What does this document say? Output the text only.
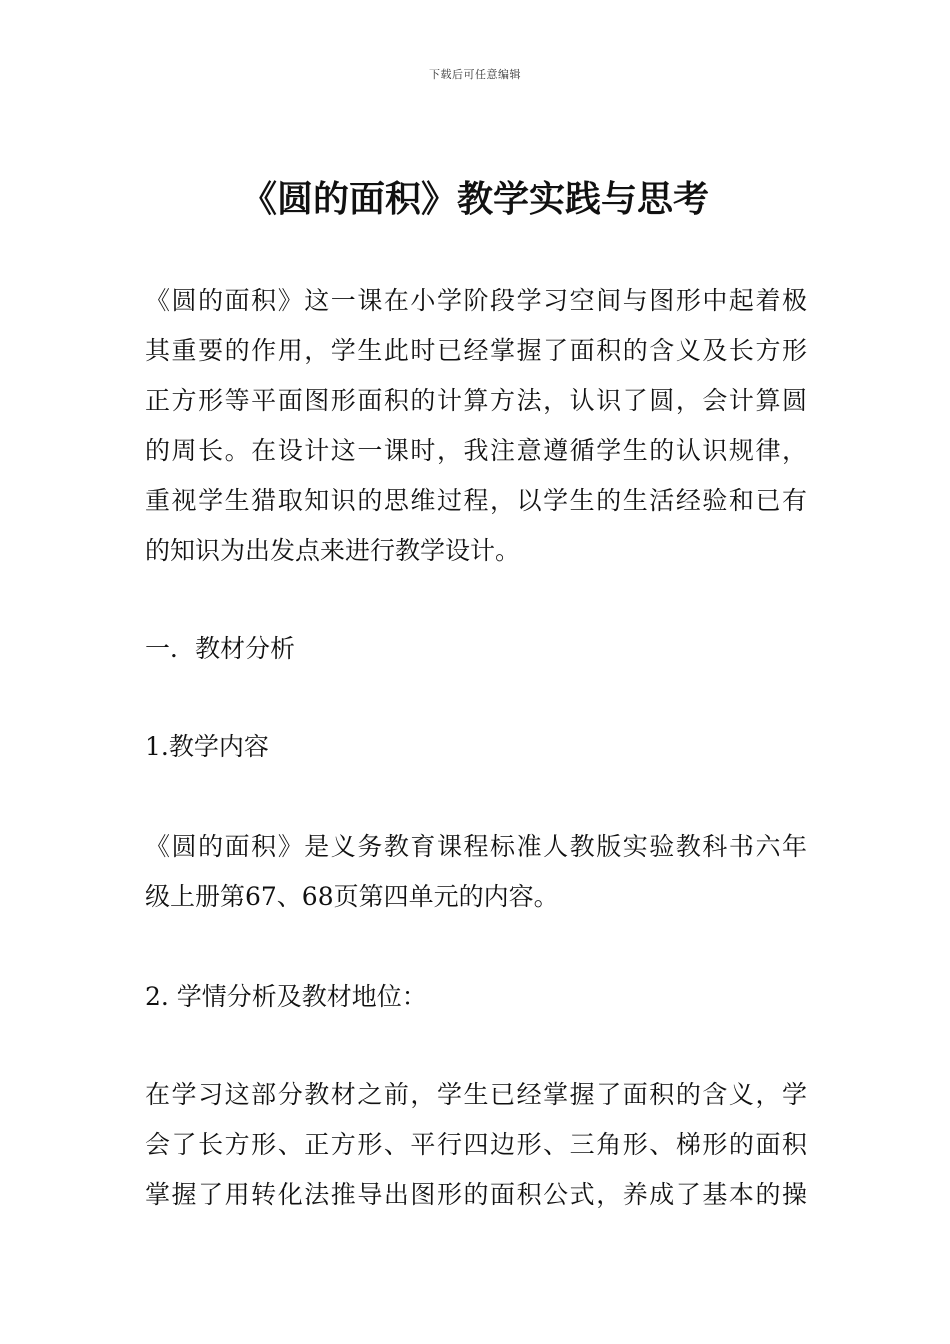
下载后可任意编辑
《圆的面积》教学实践与思考

《圆的面积》这一课在小学阶段学习空间与图形中起着极
其重要的作用，学生此时已经掌握了面积的含义及长方形
正方形等平面图形面积的计算方法，认识了圆，会计算圆
的周长。在设计这一课时，我注意遵循学生的认识规律，
重视学生猎取知识的思维过程，以学生的生活经验和已有
的知识为出发点来进行教学设计。

一．教材分析

1.教学内容

《圆的面积》是义务教育课程标准人教版实验教科书六年
级上册第67、68页第四单元的内容。

2. 学情分析及教材地位：

在学习这部分教材之前，学生已经掌握了面积的含义，学
会了长方形、正方形、平行四边形、三角形、梯形的面积
掌握了用转化法推导出图形的面积公式，养成了基本的操
